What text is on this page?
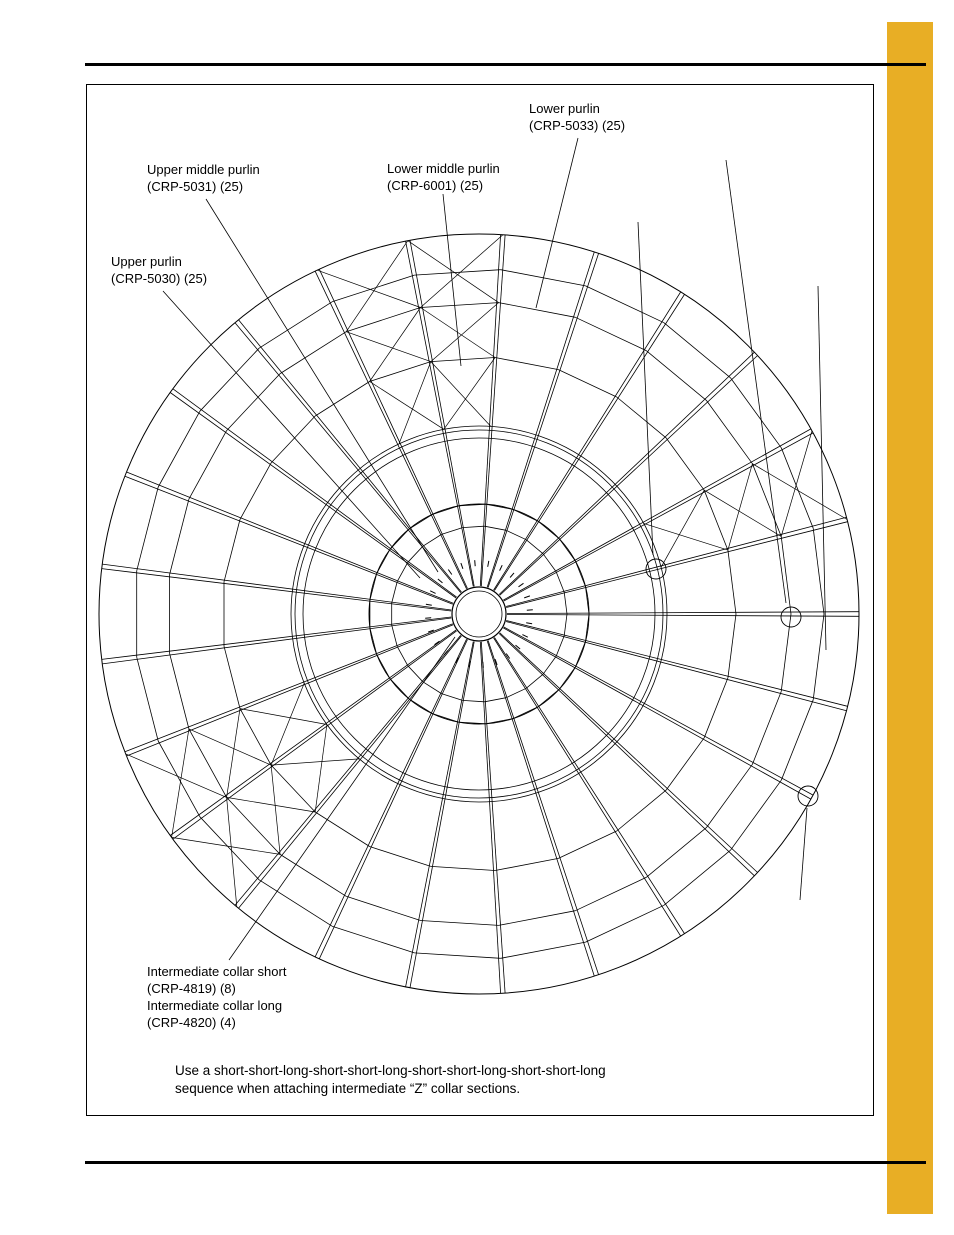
Lower purlin
(CRP-5033) (25)
Lower middle purlin
(CRP-6001) (25)
Upper middle purlin
(CRP-5031) (25)
Upper purlin
(CRP-5030) (25)
Intermediate collar short
(CRP-4819) (8)
Intermediate collar long
(CRP-4820) (4)
Use a short-short-long-short-short-long-short-short-long-short-short-long
sequence when attaching intermediate “Z” collar sections.
